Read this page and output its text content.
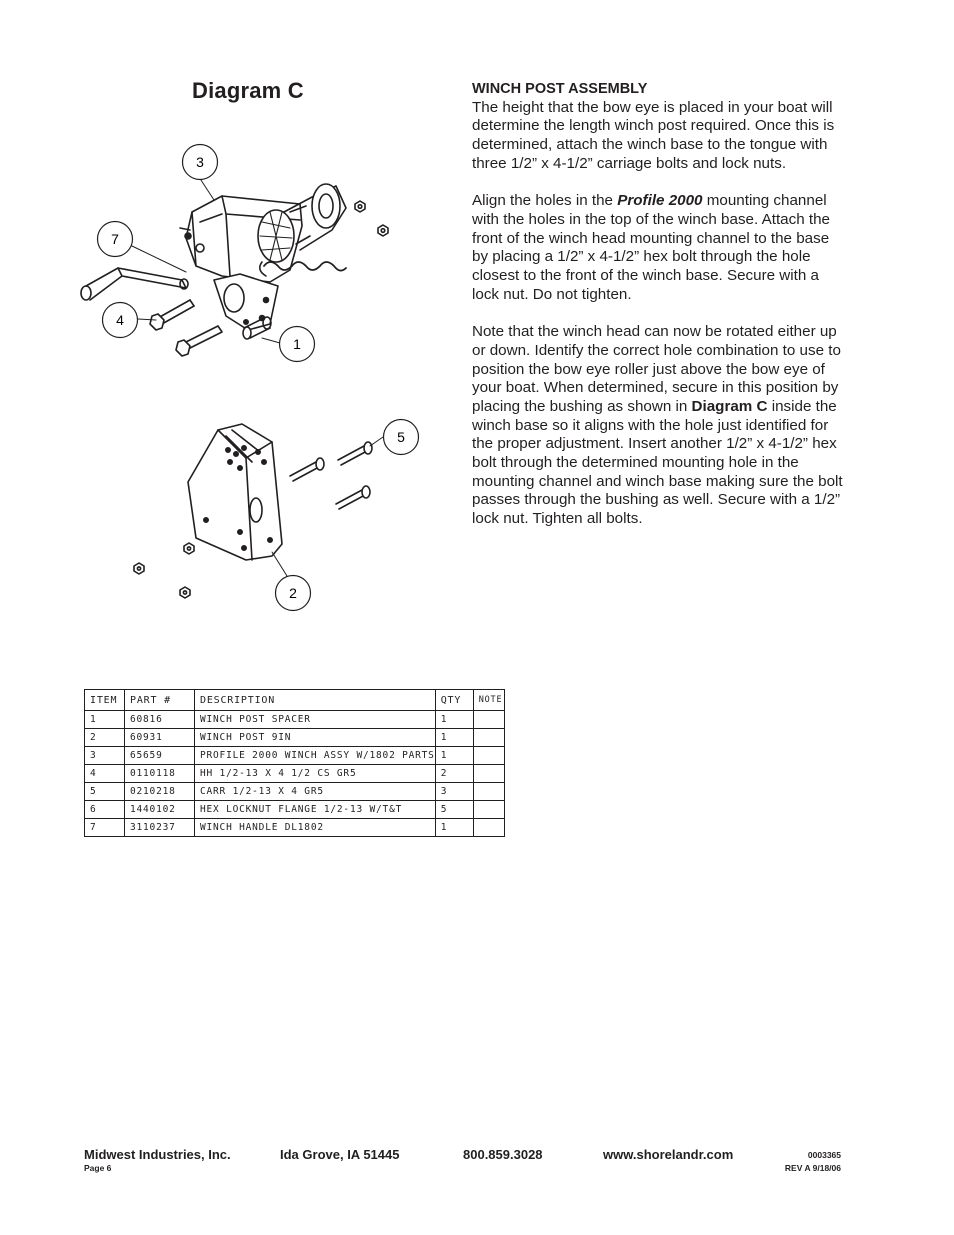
Diagram C
3
7
4
1
5
2
WINCH POST ASSEMBLY

The height that the bow eye is placed in your boat will determine the length winch post required. Once this is determined, attach the winch base to the tongue with three 1/2” x 4-1/2” carriage bolts and lock nuts.

Align the holes in the Profile 2000 mounting channel with the holes in the top of the winch base. Attach the front of the winch head mounting channel to the base by placing a 1/2” x 4-1/2” hex bolt through the hole closest to the front of the winch base. Secure with a lock nut. Do not tighten.

Note that the winch head can now be rotated either up or down. Identify the correct hole combination to use to position the bow eye roller just above the bow eye of your boat. When determined, secure in this position by placing the bushing as shown in Diagram C inside the winch base so it aligns with the hole just identified for the proper adjustment. Insert another 1/2” x 4-1/2” hex bolt through the determined mounting hole in the mounting channel and winch base making sure the bolt passes through the bushing as well. Secure with a 1/2” lock nut. Tighten all bolts.

ITEM	PART #	DESCRIPTION	QTY	NOTE
1	60816	WINCH POST SPACER	1	
2	60931	WINCH POST 9IN	1	
3	65659	PROFILE 2000 WINCH ASSY W/1802 PARTS	1	
4	0110118	HH 1/2-13 X 4 1/2 CS GR5	2	
5	0210218	CARR 1/2-13 X 4 GR5	3	
6	1440102	HEX LOCKNUT FLANGE 1/2-13 W/T&T	5	
7	3110237	WINCH HANDLE DL1802	1	
Midwest Industries, Inc.	Ida Grove, IA 51445	800.859.3028	www.shorelandr.com
Page 6
0003365
REV A 9/18/06
